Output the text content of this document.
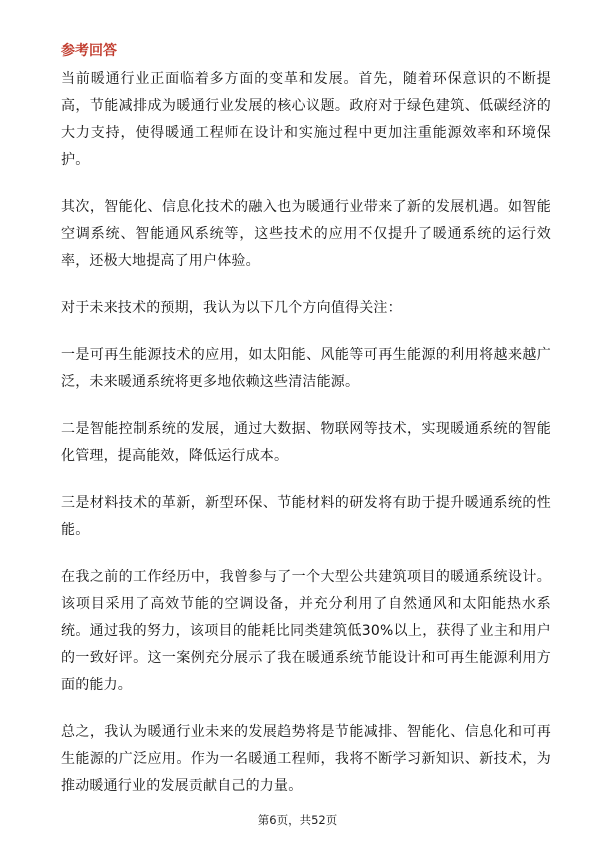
参考回答

当前暖通行业正面临着多方面的变革和发展。首先，随着环保意识的不断提高，节能减排成为暖通行业发展的核心议题。政府对于绿色建筑、低碳经济的大力支持，使得暖通工程师在设计和实施过程中更加注重能源效率和环境保护。

其次，智能化、信息化技术的融入也为暖通行业带来了新的发展机遇。如智能空调系统、智能通风系统等，这些技术的应用不仅提升了暖通系统的运行效率，还极大地提高了用户体验。

对于未来技术的预期，我认为以下几个方向值得关注：

一是可再生能源技术的应用，如太阳能、风能等可再生能源的利用将越来越广泛，未来暖通系统将更多地依赖这些清洁能源。

二是智能控制系统的发展，通过大数据、物联网等技术，实现暖通系统的智能化管理，提高能效，降低运行成本。

三是材料技术的革新，新型环保、节能材料的研发将有助于提升暖通系统的性能。

在我之前的工作经历中，我曾参与了一个大型公共建筑项目的暖通系统设计。该项目采用了高效节能的空调设备，并充分利用了自然通风和太阳能热水系统。通过我的努力，该项目的能耗比同类建筑低30%以上，获得了业主和用户的一致好评。这一案例充分展示了我在暖通系统节能设计和可再生能源利用方面的能力。

总之，我认为暖通行业未来的发展趋势将是节能减排、智能化、信息化和可再生能源的广泛应用。作为一名暖通工程师，我将不断学习新知识、新技术，为推动暖通行业的发展贡献自己的力量。

第6页，共52页
